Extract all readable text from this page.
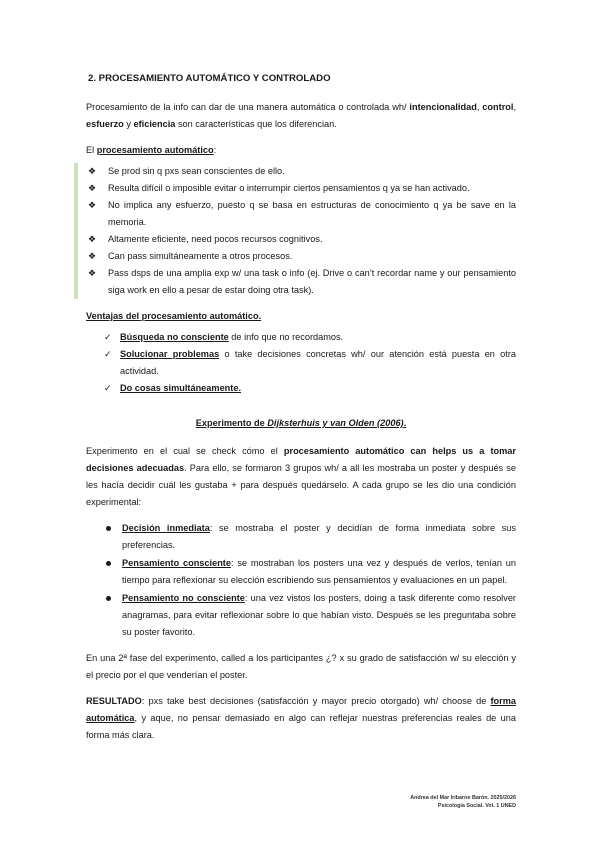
2. PROCESAMIENTO AUTOMÁTICO Y CONTROLADO

Procesamiento de la info can dar de una manera automática o controlada wh/ intencionalidad, control, esfuerzo y eficiencia son características que los diferencian.

El procesamiento automático:

❖ Se prod sin q pxs sean conscientes de ello.
❖ Resulta difícil o imposible evitar o interrumpir ciertos pensamientos q ya se han activado.
❖ No implica any esfuerzo, puesto q se basa en estructuras de conocimiento q ya be save en la memoria.
❖ Altamente eficiente, need pocos recursos cognitivos.
❖ Can pass simultáneamente a otros procesos.
❖ Pass dsps de una amplia exp w/ una task o info (ej. Drive o can’t recordar name y our pensamiento siga work en ello a pesar de estar doing otra task).

Ventajas del procesamiento automático.

✓ Búsqueda no consciente de info que no recordamos.
✓ Solucionar problemas o take decisiones concretas wh/ our atención está puesta en otra actividad.
✓ Do cosas simultáneamente.

Experimento de Dijksterhuis y van Olden (2006).

Experimento en el cual se check cómo el procesamiento automático can helps us a tomar decisiones adecuadas. Para ello, se formaron 3 grupos wh/ a all les mostraba un poster y después se les hacía decidir cuál les gustaba + para después quedárselo. A cada grupo se les dio una condición experimental:

Decisión inmediata: se mostraba el poster y decidían de forma inmediata sobre sus preferencias.
Pensamiento consciente: se mostraban los posters una vez y después de verlos, tenían un tiempo para reflexionar su elección escribiendo sus pensamientos y evaluaciones en un papel.
Pensamiento no consciente: una vez vistos los posters, doing a task diferente como resolver anagramas, para evitar reflexionar sobre lo que habían visto. Después se les preguntaba sobre su poster favorito.

En una 2ª fase del experimento, called a los participantes ¿? x su grado de satisfacción w/ su elección y el precio por el que venderían el poster.

RESULTADO: pxs take best decisiones (satisfacción y mayor precio otorgado) wh/ choose de forma automática, y aque, no pensar demasiado en algo can reflejar nuestras preferencias reales de una forma más clara.

Andrea del Mar Iribarne Barón. 2025/2026
Psicología Social. Vol. 1 UNED
